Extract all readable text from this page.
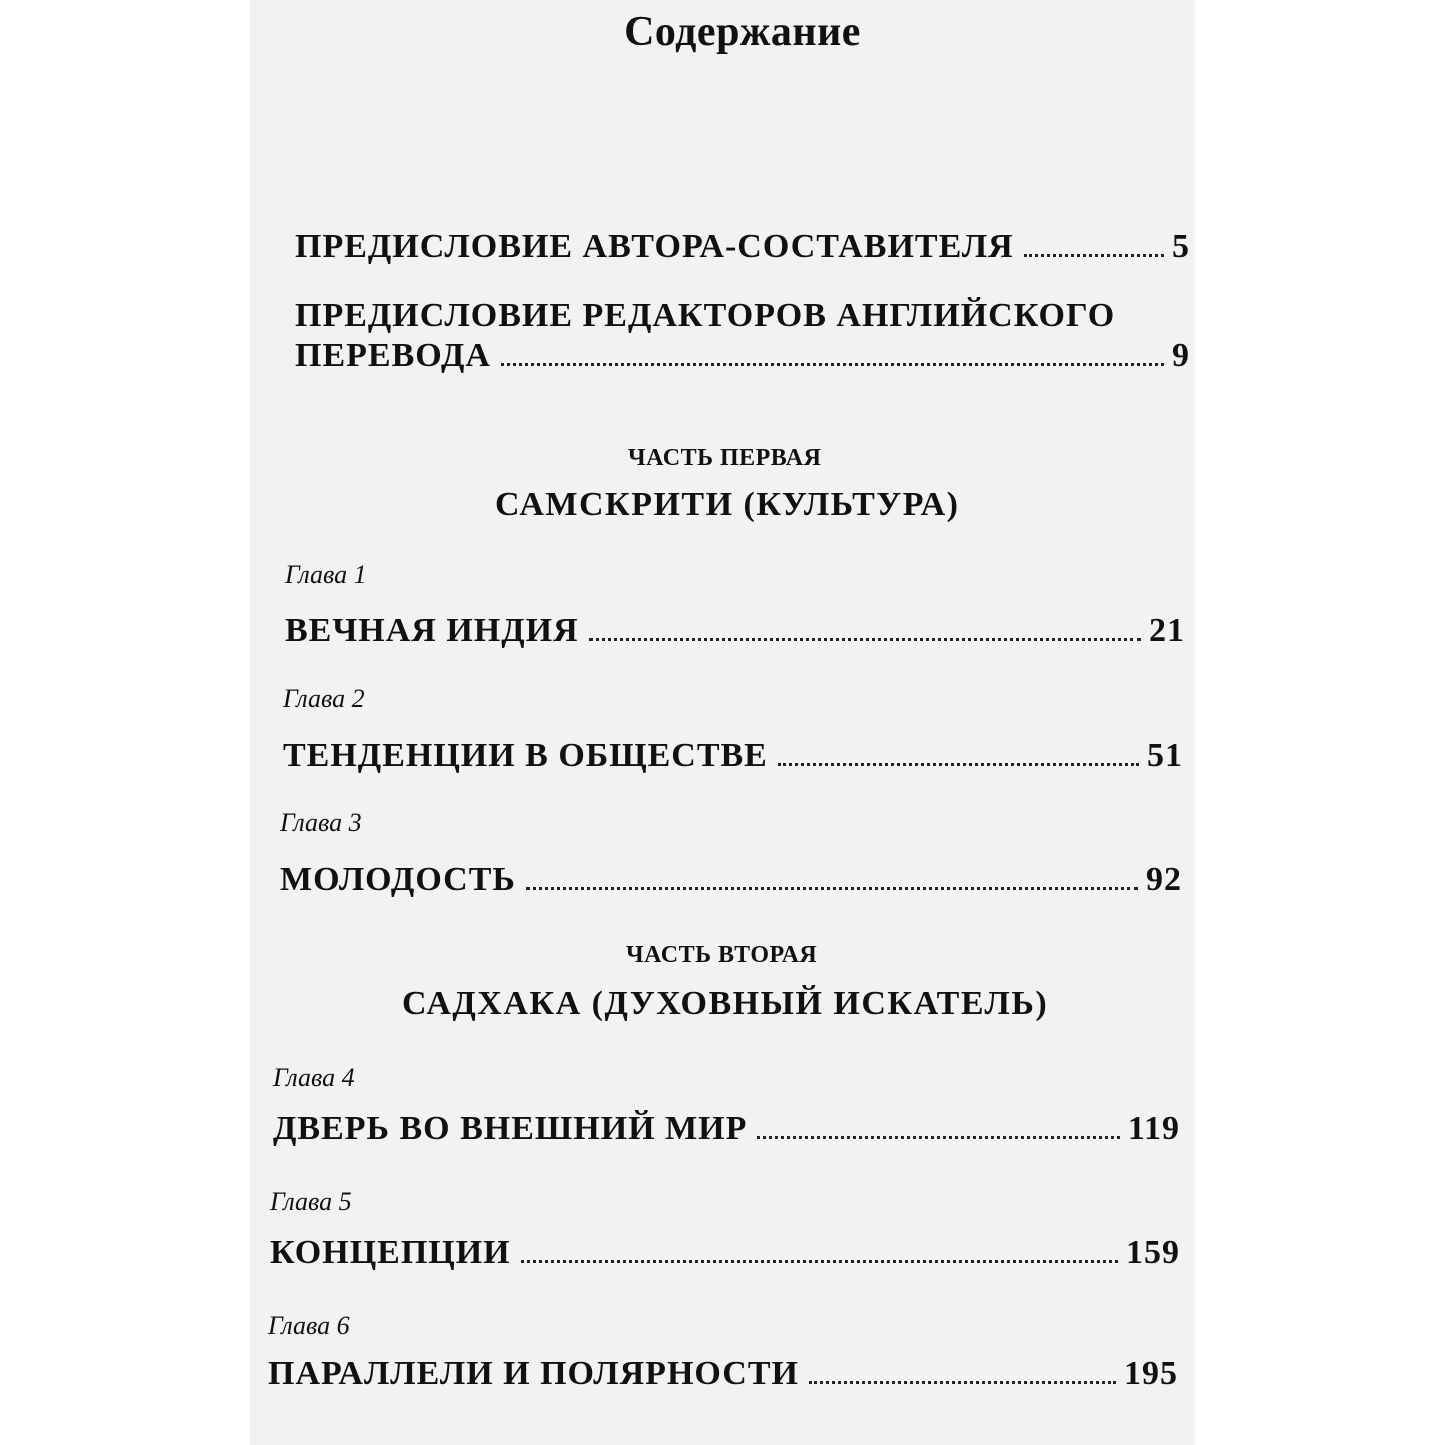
Содержание
ПРЕДИСЛОВИЕ АВТОРА-СОСТАВИТЕЛЯ	5
ПРЕДИСЛОВИЕ РЕДАКТОРОВ АНГЛИЙСКОГО
ПЕРЕВОДА	9
ЧАСТЬ ПЕРВАЯ
САМСКРИТИ (КУЛЬТУРА)
Глава 1
ВЕЧНАЯ ИНДИЯ	21
Глава 2
ТЕНДЕНЦИИ В ОБЩЕСТВЕ	51
Глава 3
МОЛОДОСТЬ	92
ЧАСТЬ ВТОРАЯ
САДХАКА (ДУХОВНЫЙ ИСКАТЕЛЬ)
Глава 4
ДВЕРЬ ВО ВНЕШНИЙ МИР	119
Глава 5
КОНЦЕПЦИИ	159
Глава 6
ПАРАЛЛЕЛИ И ПОЛЯРНОСТИ	195
